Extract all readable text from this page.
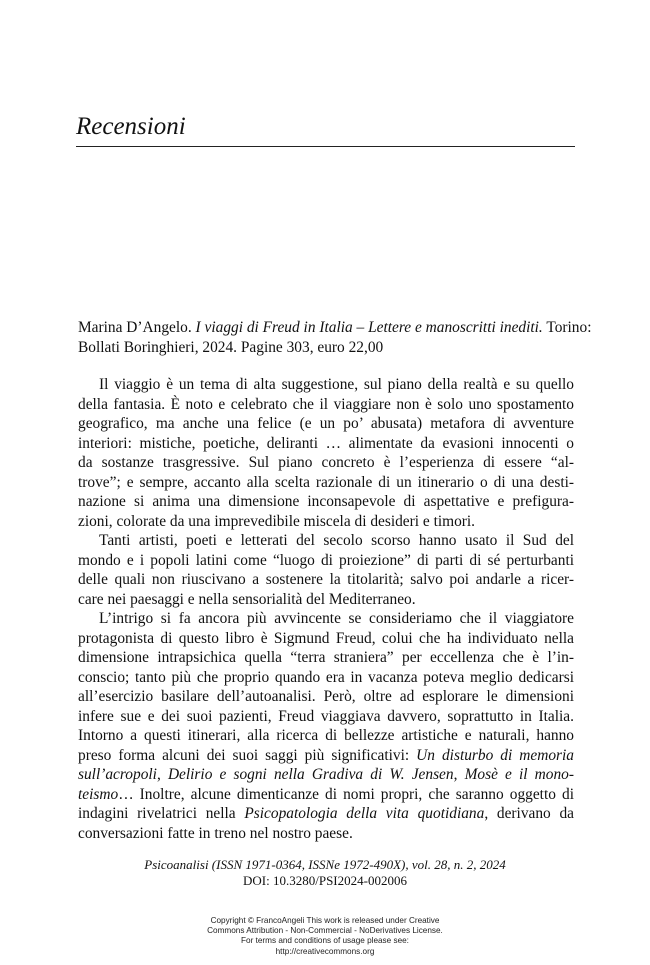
Recensioni

Marina D’Angelo. I viaggi di Freud in Italia – Lettere e manoscritti inediti. Torino:
Bollati Boringhieri, 2024. Pagine 303, euro 22,00

Il viaggio è un tema di alta suggestione, sul piano della realtà e su quello
della fantasia. È noto e celebrato che il viaggiare non è solo uno spostamento
geografico, ma anche una felice (e un po’ abusata) metafora di avventure
interiori: mistiche, poetiche, deliranti … alimentate da evasioni innocenti o
da sostanze trasgressive. Sul piano concreto è l’esperienza di essere “al-
trove”; e sempre, accanto alla scelta razionale di un itinerario o di una desti-
nazione si anima una dimensione inconsapevole di aspettative e prefigura-
zioni, colorate da una imprevedibile miscela di desideri e timori.

Tanti artisti, poeti e letterati del secolo scorso hanno usato il Sud del
mondo e i popoli latini come “luogo di proiezione” di parti di sé perturbanti
delle quali non riuscivano a sostenere la titolarità; salvo poi andarle a ricer-
care nei paesaggi e nella sensorialità del Mediterraneo.

L’intrigo si fa ancora più avvincente se consideriamo che il viaggiatore
protagonista di questo libro è Sigmund Freud, colui che ha individuato nella
dimensione intrapsichica quella “terra straniera” per eccellenza che è l’in-
conscio; tanto più che proprio quando era in vacanza poteva meglio dedicarsi
all’esercizio basilare dell’autoanalisi. Però, oltre ad esplorare le dimensioni
infere sue e dei suoi pazienti, Freud viaggiava davvero, soprattutto in Italia.
Intorno a questi itinerari, alla ricerca di bellezze artistiche e naturali, hanno
preso forma alcuni dei suoi saggi più significativi: Un disturbo di memoria
sull’acropoli, Delirio e sogni nella Gradiva di W. Jensen, Mosè e il mono-
teismo… Inoltre, alcune dimenticanze di nomi propri, che saranno oggetto di
indagini rivelatrici nella Psicopatologia della vita quotidiana, derivano da
conversazioni fatte in treno nel nostro paese.

Psicoanalisi (ISSN 1971-0364, ISSNe 1972-490X), vol. 28, n. 2, 2024
DOI: 10.3280/PSI2024-002006
Copyright © FrancoAngeli This work is released under Creative
Commons Attribution - Non-Commercial - NoDerivatives License.
For terms and conditions of usage please see:
http://creativecommons.org
